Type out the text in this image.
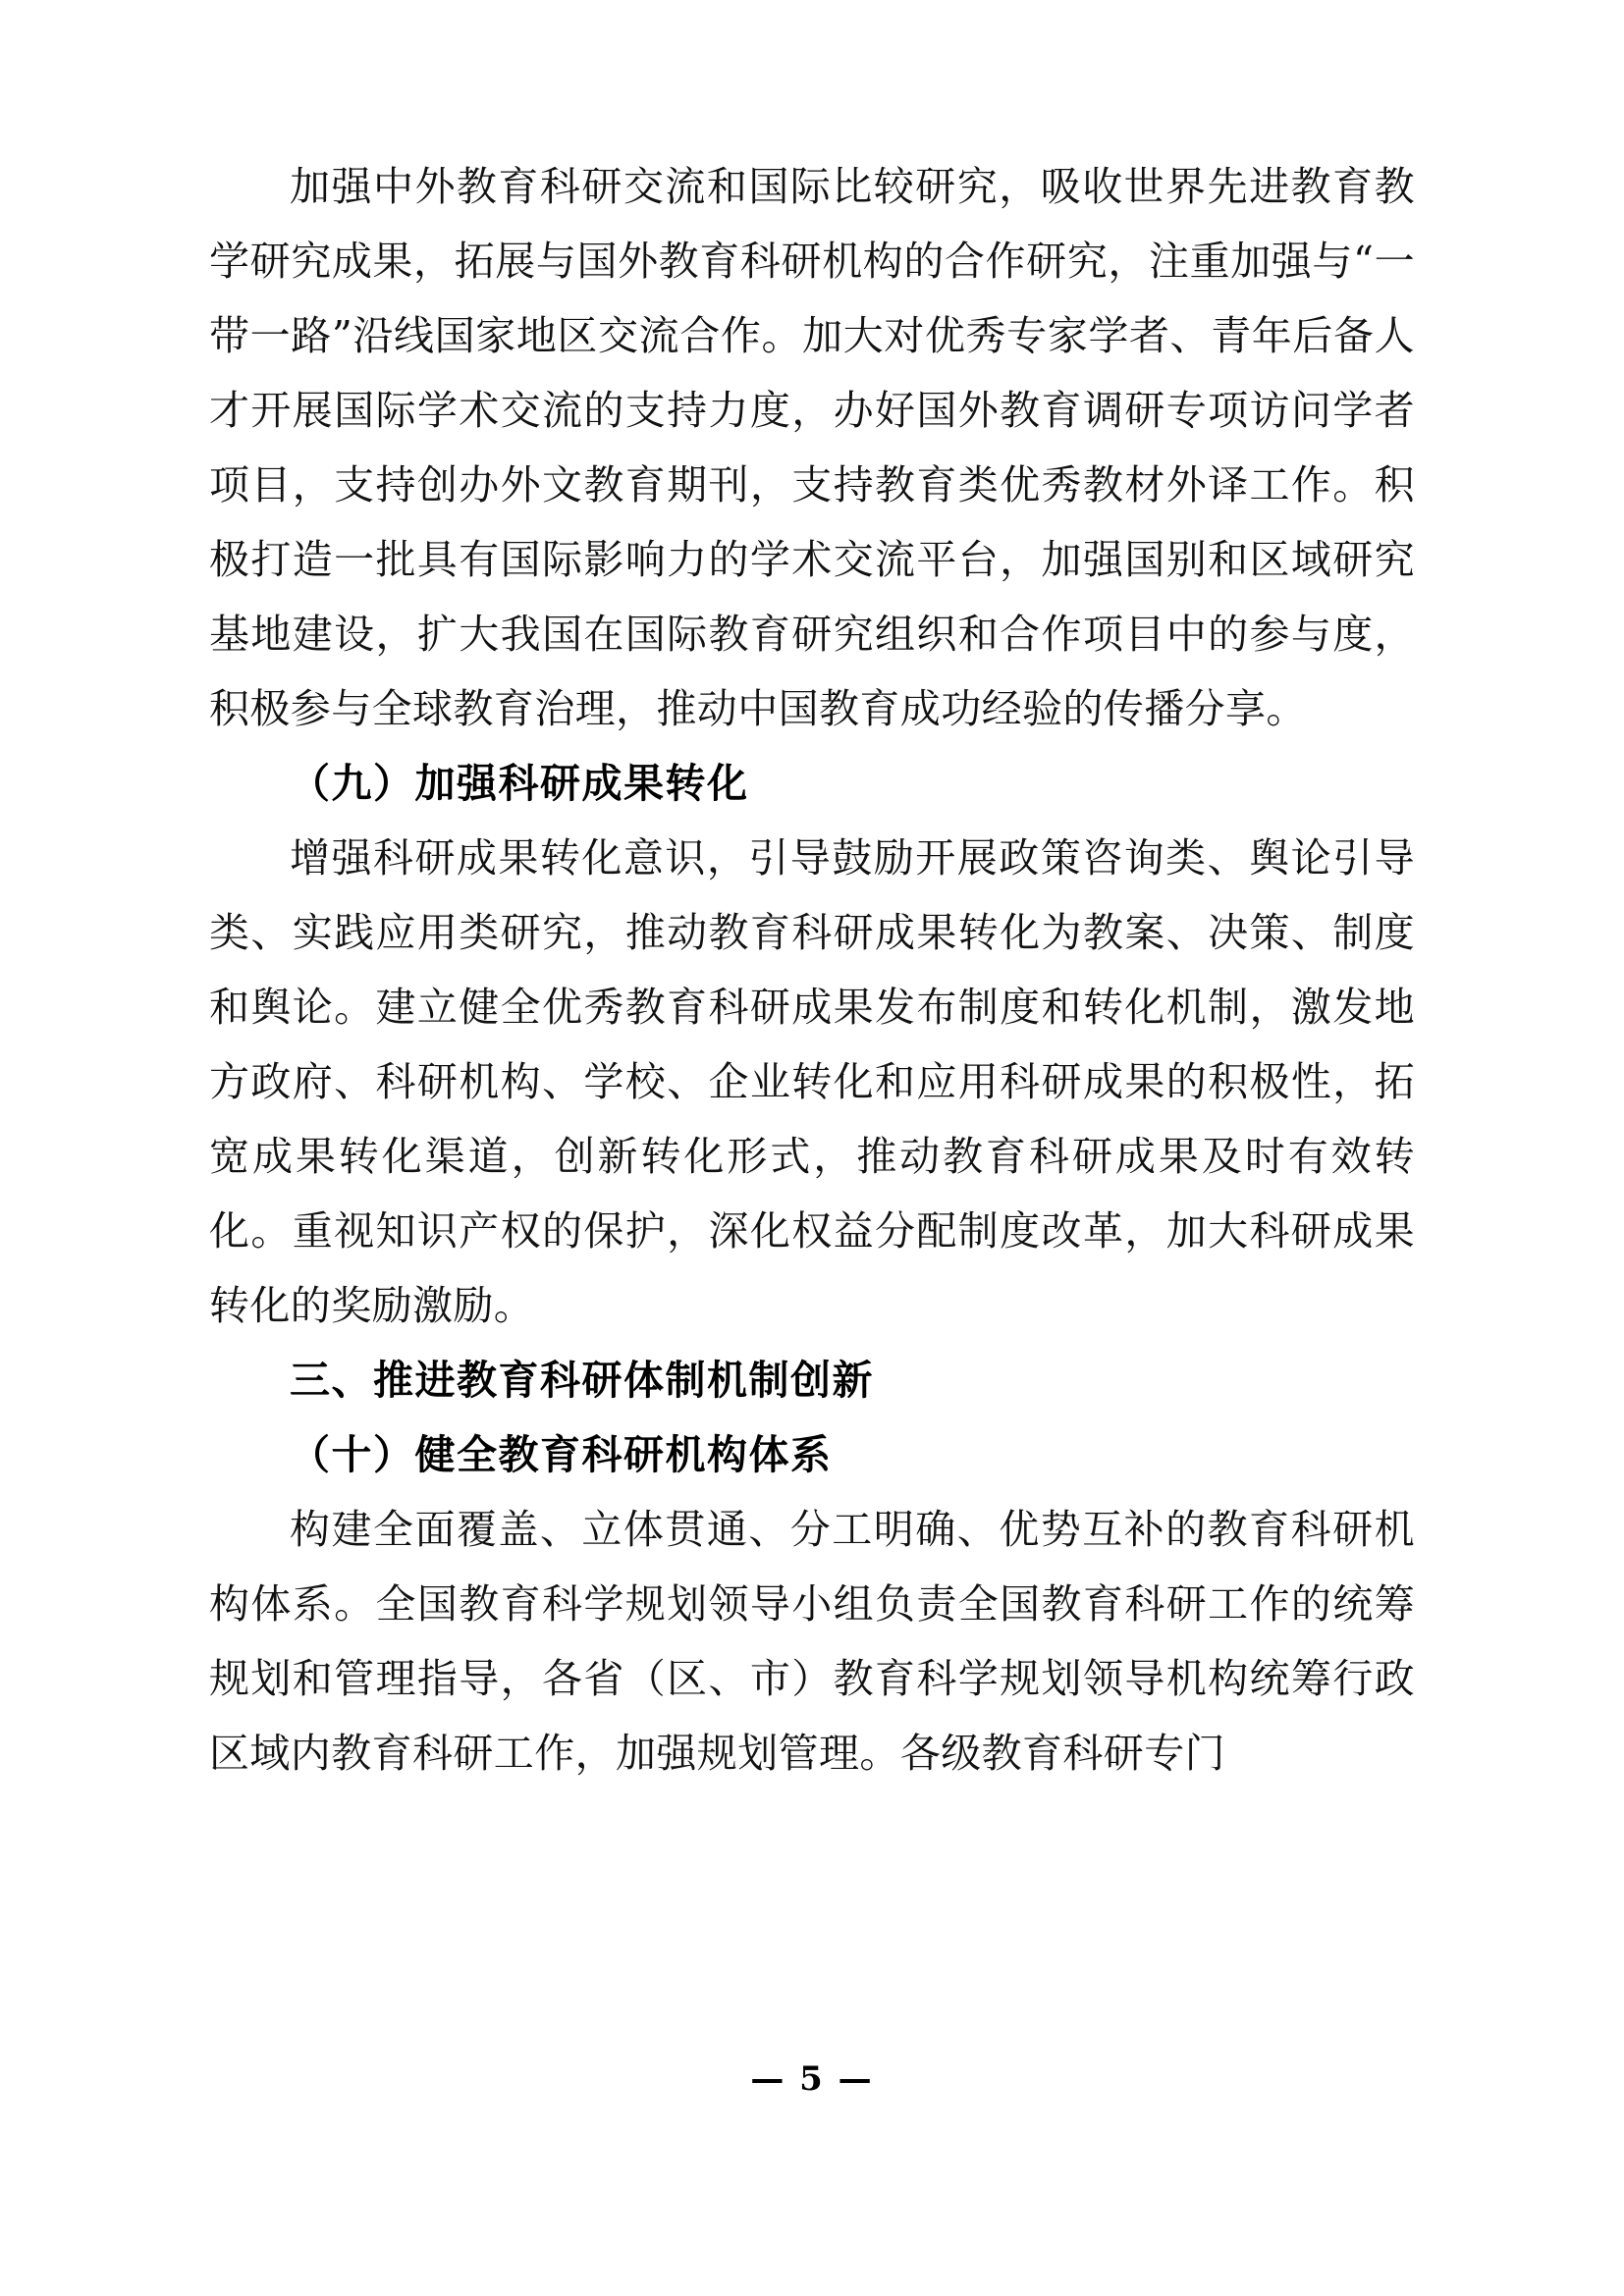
加强中外教育科研交流和国际比较研究，吸收世界先进教育教学研究成果，拓展与国外教育科研机构的合作研究，注重加强与“一带一路”沿线国家地区交流合作。加大对优秀专家学者、青年后备人才开展国际学术交流的支持力度，办好国外教育调研专项访问学者项目，支持创办外文教育期刊，支持教育类优秀教材外译工作。积极打造一批具有国际影响力的学术交流平台，加强国别和区域研究基地建设，扩大我国在国际教育研究组织和合作项目中的参与度，积极参与全球教育治理，推动中国教育成功经验的传播分享。

（九）加强科研成果转化

增强科研成果转化意识，引导鼓励开展政策咨询类、舆论引导类、实践应用类研究，推动教育科研成果转化为教案、决策、制度和舆论。建立健全优秀教育科研成果发布制度和转化机制，激发地方政府、科研机构、学校、企业转化和应用科研成果的积极性，拓宽成果转化渠道，创新转化形式，推动教育科研成果及时有效转化。重视知识产权的保护，深化权益分配制度改革，加大科研成果转化的奖励激励。

三、推进教育科研体制机制创新
（十）健全教育科研机构体系

构建全面覆盖、立体贯通、分工明确、优势互补的教育科研机构体系。全国教育科学规划领导小组负责全国教育科研工作的统筹规划和管理指导，各省（区、市）教育科学规划领导机构统筹行政区域内教育科研工作，加强规划管理。各级教育科研专门

— 5 —
